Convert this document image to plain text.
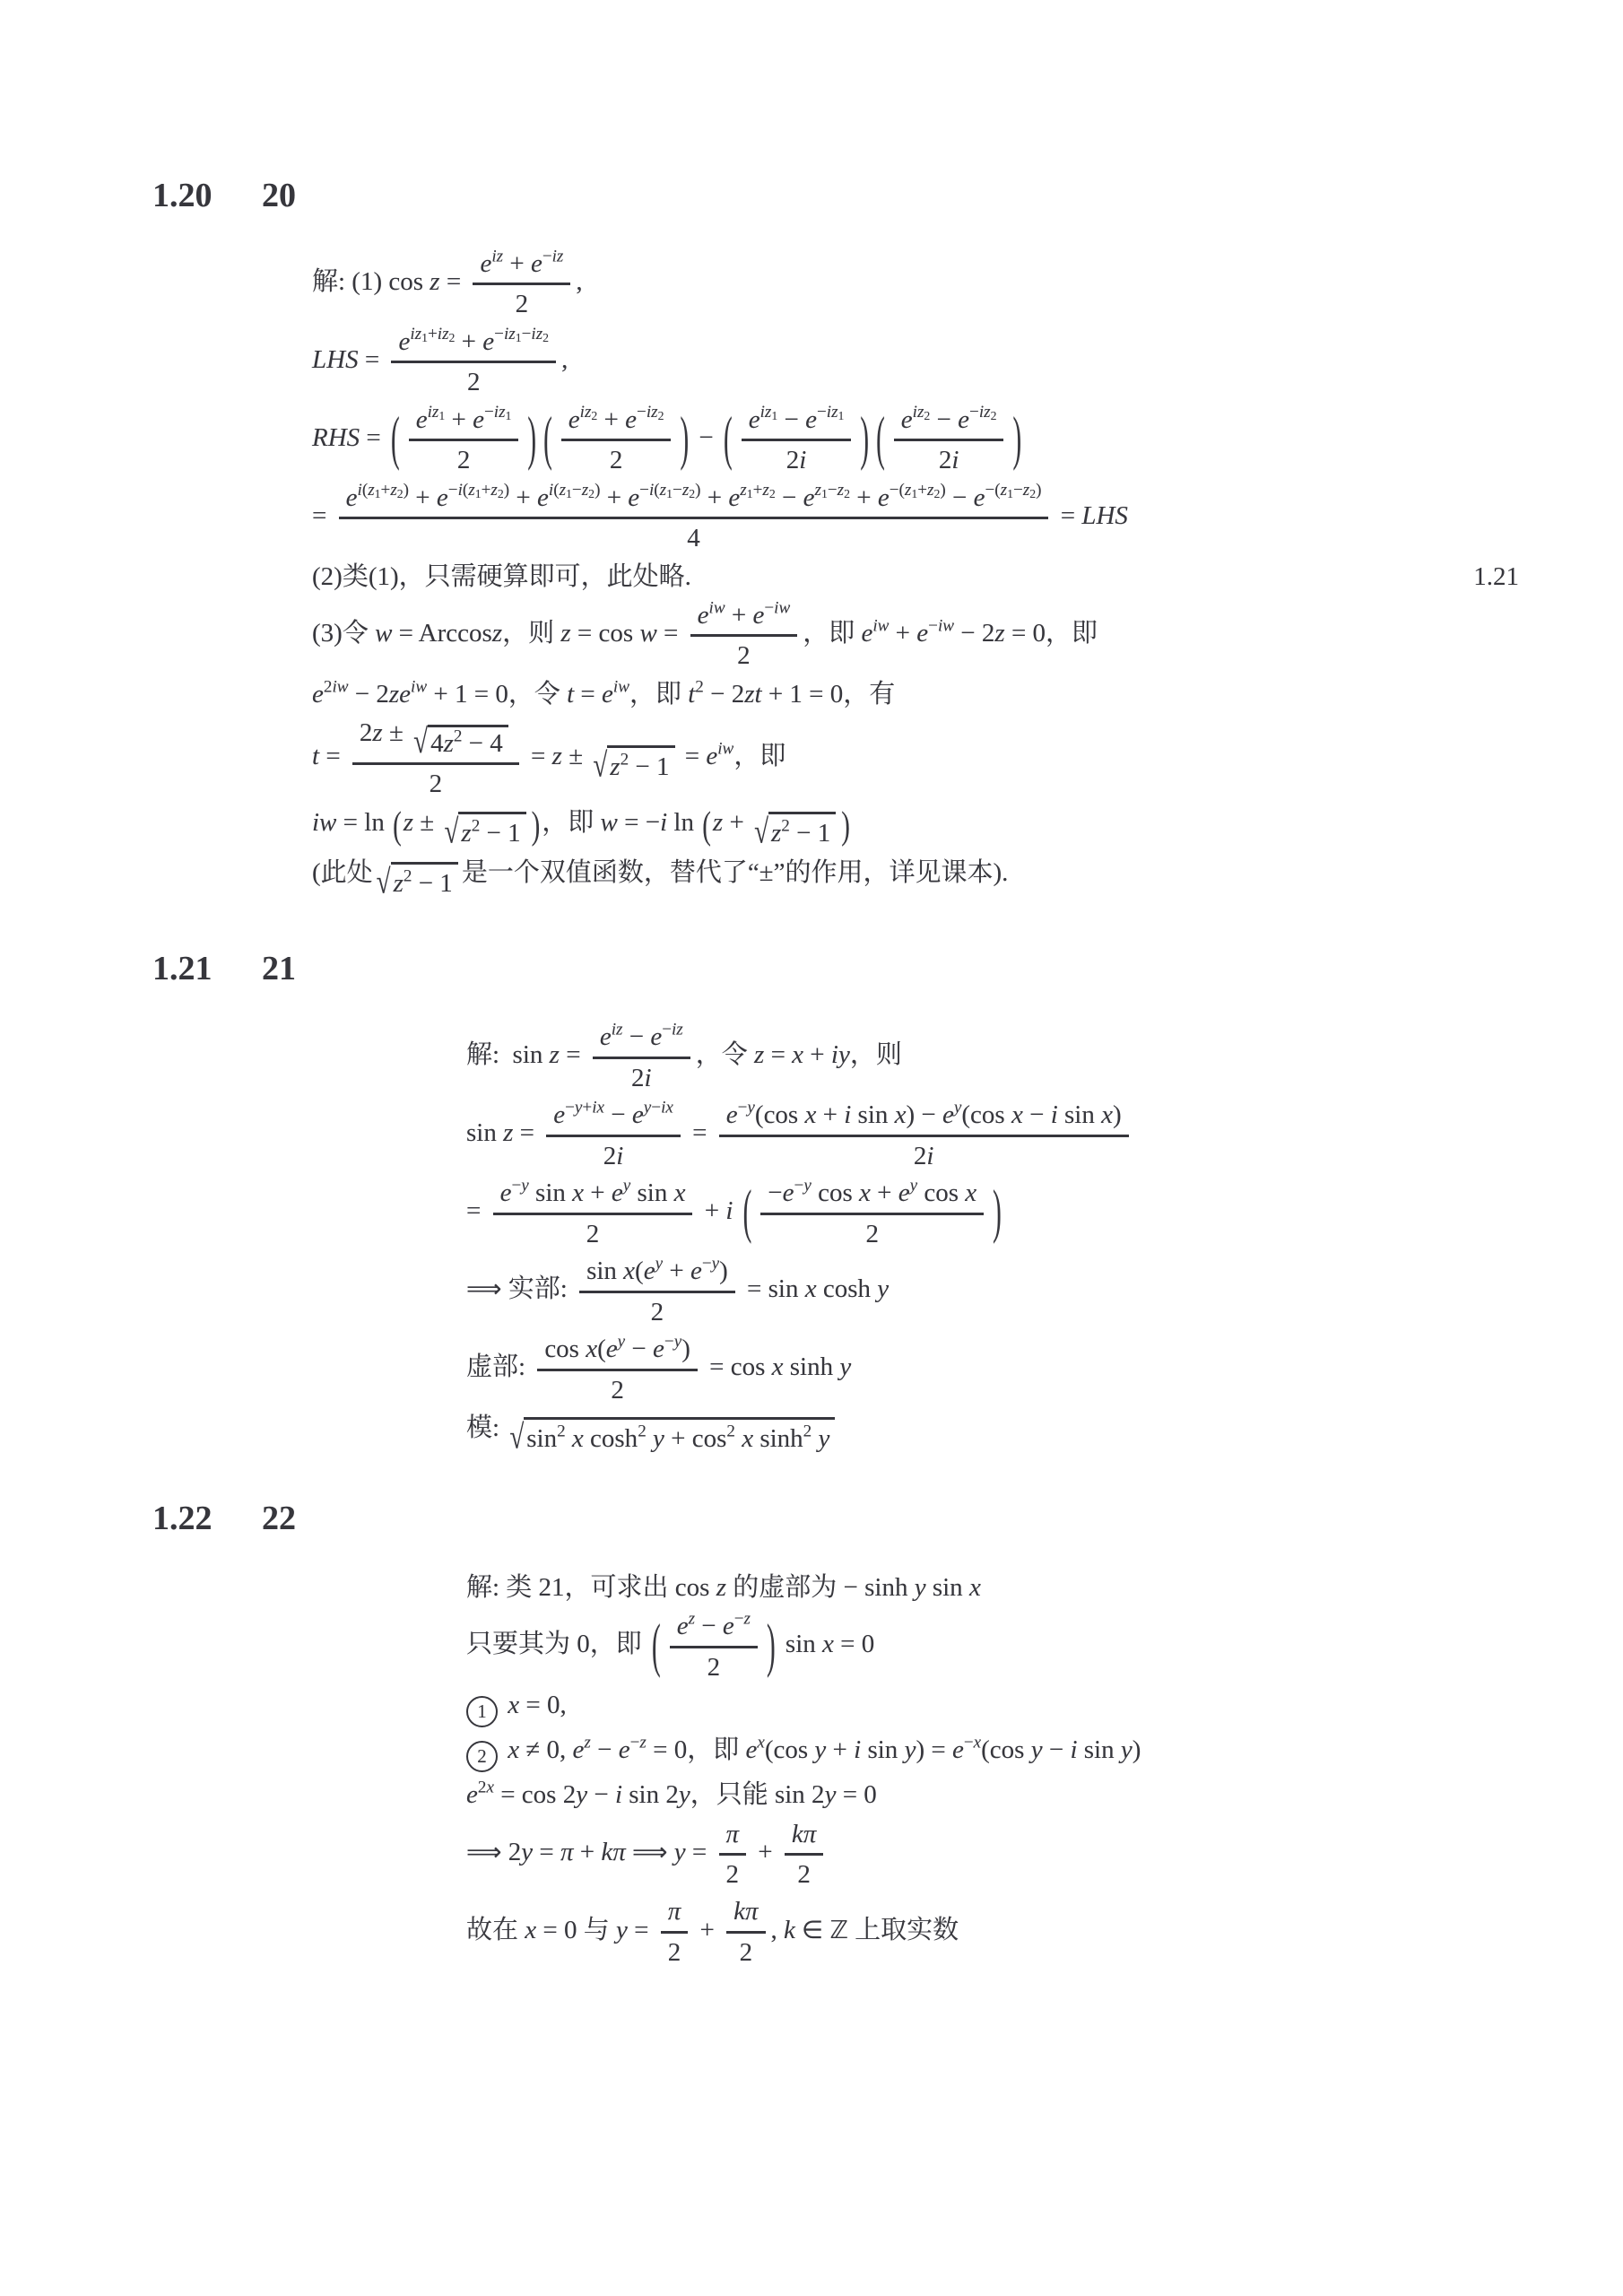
1.20 20
解: (1) cos z =
$e^{iz} + e^{-iz}$
2
,
LHS =
$e^{iz_1+iz_2} + e^{-iz_1-iz_2}$
2
,
RHS = ( $e^{iz_1} + e^{-iz_1}$
2	) ( $e^{iz_2} + e^{-iz_2}$
2	) − ( $e^{iz_1} - e^{-iz_1}$
2i	) ( $e^{iz_2} - e^{-iz_2}$
2i	)
=
$e^{i(z_1+z_2)} + e^{-i(z_1+z_2)} + e^{i(z_1-z_2)} + e^{-i(z_1-z_2)} + e^{z_1+z_2} - e^{z_1-z_2} + e^{-(z_1+z_2)} - e^{-(z_1-z_2)}$
4
= LHS
1.21
(2)类(1)，只需硬算即可，此处略.
(3)令 w = Arccosz，则 z = cos w =
$e^{iw} + e^{-iw}$
2
，即 $e^{iw} + e^{-iw} - 2z = 0$，即
$e^{2iw} - 2ze^{iw} + 1 = 0$，令 $t = e^{iw}$，即 $t^2 - 2zt + 1 = 0$，有
$t = \frac{2z \pm √ 4z^2 - 4}{2} = z$ ± √ $z^2 - 1 = e^{iw}$，即
iw = ln (z ± √ $z^2 - 1$ )，即 w = −i ln (z + √ $z^2 - 1$ )
(此处 √ $z^2 - 1$ 是一个双值函数，替代了“±”的作用，详见课本).
1.21 21
解:  sin z =
$e^{iz} - e^{-iz}$
2i
，令 z = x + iy，则
$\sin z = \frac{e^{-y+ix} - e^{y-ix}}{2i} = \frac{e^{-y}(\cos x + i \sin x) - e^y(\cos x - i \sin x)}{2i}$
= $\frac{e^{-y} \sin x + e^y \sin x}{2} + i$ ( $\frac{-e^{-y} \cos x + e^y \cos x}{2}$ )
⟹ 实部: $\frac{\sin x(e^y + e^{-y})}{2} = \sin x$ cosh y
虚部: $\frac{\cos x(e^y - e^{-y})}{2} = \cos x$ sinh y
模: √ $\sin^2 x$ $\cosh^2 y + \cos^2 x$ $\sinh^2 y$
1.22 22
解: 类 21，可求出 cos z 的虚部为 − sinh y sin x
只要其为 0，即 ( $\frac{e^z - e^{-z}}{2}$ ) sin x = 0
1 x = 0,
2 x ≠ 0, $e^z - e^{-z} = 0$，即 $e^x(\cos$ y + i $\sin y) = e^{-x}(\cos$ y − i sin y)
$e^{2x} = \cos 2y - i$ sin 2y，只能 sin 2y = 0
⟹ 2y = π + kπ ⟹ $y = \frac{\pi}{2} + \frac{k\pi}{2}$
故在 x = 0 与 $y = \frac{\pi}{2} + \frac{k\pi}{2}$ , k ∈ ℤ 上取实数
